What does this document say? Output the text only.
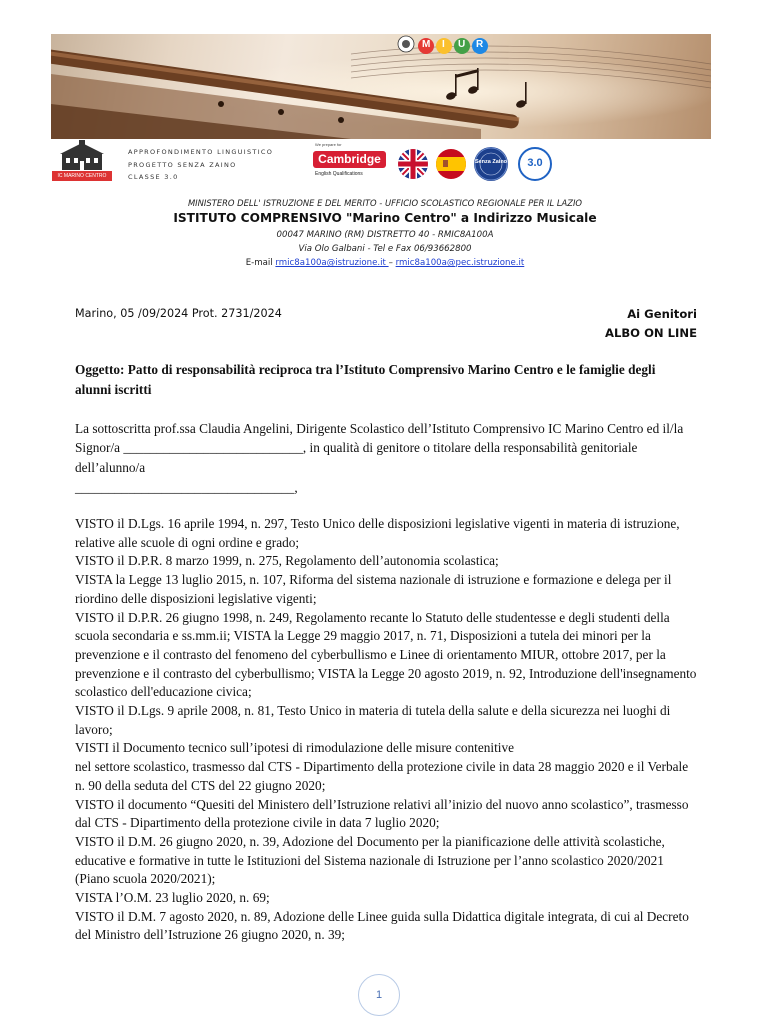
M I U R
IC MARINO CENTRO
APPROFONDIMENTO LINGUISTICO
PROGETTO SENZA ZAINO
CLASSE 3.0
We prepare for
Cambridge
English Qualifications
Senza Zaino	3.0
MINISTERO DELL' ISTRUZIONE E DEL MERITO - UFFICIO SCOLASTICO REGIONALE PER IL LAZIO
ISTITUTO COMPRENSIVO "Marino Centro" a Indirizzo Musicale
00047 MARINO (RM) DISTRETTO 40 - RMIC8A100A
Via Olo Galbani - Tel e Fax 06/93662800
E-mail rmic8a100a@istruzione.it – rmic8a100a@pec.istruzione.it
Marino, 05 /09/2024 Prot. 2731/2024	Ai Genitori
ALBO ON LINE
Oggetto: Patto di responsabilità reciproca tra l’Istituto Comprensivo Marino Centro e le famiglie degli alunni iscritti
La sottoscritta prof.ssa Claudia Angelini, Dirigente Scolastico dell’Istituto Comprensivo IC Marino Centro ed il/la Signor/a ___________________________, in qualità di genitore o titolare della responsabilità genitoriale dell’alunno/a
_________________________________,

VISTO il D.Lgs. 16 aprile 1994, n. 297, Testo Unico delle disposizioni legislative vigenti in materia di istruzione, relative alle scuole di ogni ordine e grado;

VISTO il D.P.R. 8 marzo 1999, n. 275, Regolamento dell’autonomia scolastica;

VISTA la Legge 13 luglio 2015, n. 107, Riforma del sistema nazionale di istruzione e formazione e delega per il riordino delle disposizioni legislative vigenti;

VISTO il D.P.R. 26 giugno 1998, n. 249, Regolamento recante lo Statuto delle studentesse e degli studenti della scuola secondaria e ss.mm.ii; VISTA la Legge 29 maggio 2017, n. 71, Disposizioni a tutela dei minori per la prevenzione e il contrasto del fenomeno del cyberbullismo e Linee di orientamento MIUR, ottobre 2017, per la prevenzione e il contrasto del cyberbullismo; VISTA la Legge 20 agosto 2019, n. 92, Introduzione dell'insegnamento scolastico dell'educazione civica;

VISTO il D.Lgs. 9 aprile 2008, n. 81, Testo Unico in materia di tutela della salute e della sicurezza nei luoghi di lavoro;

VISTI il Documento tecnico sull’ipotesi di rimodulazione delle misure contenitive

nel settore scolastico, trasmesso dal CTS - Dipartimento della protezione civile in data 28 maggio 2020 e il Verbale n. 90 della seduta del CTS del 22 giugno 2020;

VISTO il documento “Quesiti del Ministero dell’Istruzione relativi all’inizio del nuovo anno scolastico”, trasmesso dal CTS - Dipartimento della protezione civile in data 7 luglio 2020;

VISTO il D.M. 26 giugno 2020, n. 39, Adozione del Documento per la pianificazione delle attività scolastiche, educative e formative in tutte le Istituzioni del Sistema nazionale di Istruzione per l’anno scolastico 2020/2021 (Piano scuola 2020/2021);

VISTA l’O.M. 23 luglio 2020, n. 69;

VISTO il D.M. 7 agosto 2020, n. 89, Adozione delle Linee guida sulla Didattica digitale integrata, di cui al Decreto del Ministro dell’Istruzione 26 giugno 2020, n. 39;

1
